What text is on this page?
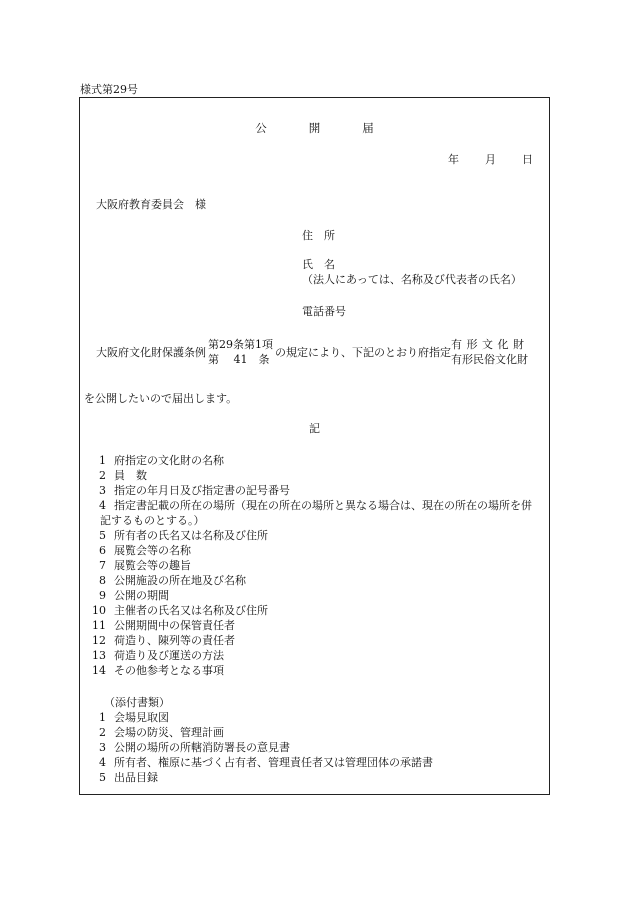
様式第29号
公	開	届
年 月 日
大阪府教育委員会　様
住　所
氏　名
（法人にあっては、名称及び代表者の氏名）
電話番号
大阪府文化財保護条例
第29条第1項
第　 41　条
の規定により、下記のとおり府指定
有形文化財
有形民俗文化財
を公開したいので届出します。
記
1 府指定の文化財の名称
2 員　数
3 指定の年月日及び指定書の記号番号
4 指定書記載の所在の場所（現在の所在の場所と異なる場合は、現在の所在の場所を併
記するものとする。）
5 所有者の氏名又は名称及び住所
6 展覧会等の名称
7 展覧会等の趣旨
8 公開施設の所在地及び名称
9 公開の期間
10 主催者の氏名又は名称及び住所
11 公開期間中の保管責任者
12 荷造り、陳列等の責任者
13 荷造り及び運送の方法
14 その他参考となる事項
（添付書類）
1 会場見取図
2 会場の防災、管理計画
3 公開の場所の所轄消防署長の意見書
4 所有者、権原に基づく占有者、管理責任者又は管理団体の承諾書
5 出品目録
